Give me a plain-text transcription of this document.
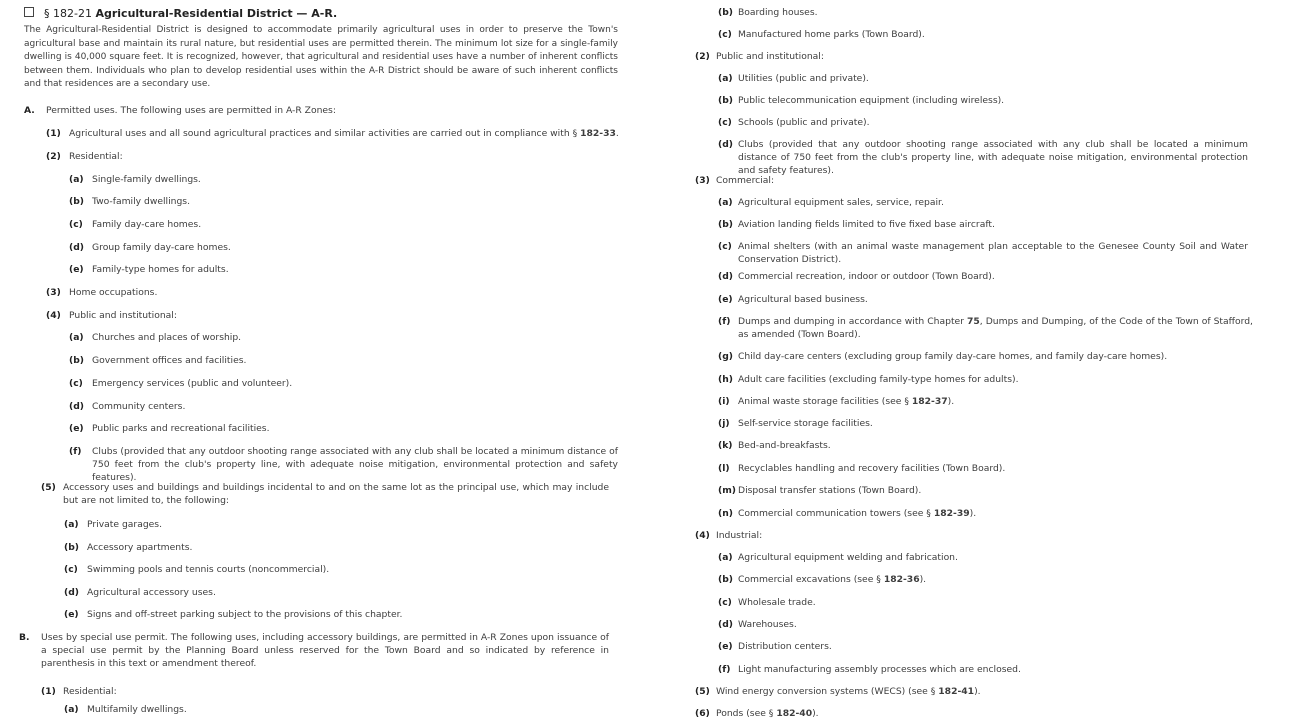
§ 182-21 Agricultural-Residential District — A-R.
The Agricultural-Residential District is designed to accommodate primarily agricultural uses in order to preserve the Town's agricultural base and maintain its rural nature, but residential uses are permitted therein. The minimum lot size for a single-family dwelling is 40,000 square feet. It is recognized, however, that agricultural and residential uses have a number of inherent conflicts between them. Individuals who plan to develop residential uses within the A-R District should be aware of such inherent conflicts and that residences are a secondary use.
A. Permitted uses. The following uses are permitted in A-R Zones:
B. Uses by special use permit. The following uses, including accessory buildings, are permitted in A-R Zones upon issuance of a special use permit by the Planning Board unless reserved for the Town Board and so indicated by reference in parenthesis in this text or amendment thereof.
(1) Agricultural uses and all sound agricultural practices and similar activities are carried out in compliance with § 182-33.
(2) Residential:
(a) Single-family dwellings.
(b) Two-family dwellings.
(c) Family day-care homes.
(d) Group family day-care homes.
(e) Family-type homes for adults.
(3) Home occupations.
(4) Public and institutional:
(a) Churches and places of worship.
(b) Government offices and facilities.
(c) Emergency services (public and volunteer).
(d) Community centers.
(e) Public parks and recreational facilities.
(f) Clubs (provided that any outdoor shooting range associated with any club shall be located a minimum distance of 750 feet from the club's property line, with adequate noise mitigation, environmental protection and safety features).
(5) Accessory uses and buildings and buildings incidental to and on the same lot as the principal use, which may include but are not limited to, the following:
(a) Private garages.
(b) Accessory apartments.
(c) Swimming pools and tennis courts (noncommercial).
(d) Agricultural accessory uses.
(e) Signs and off-street parking subject to the provisions of this chapter.
(1) Residential:
(a) Multifamily dwellings.
(b) Boarding houses.
(c) Manufactured home parks (Town Board).
(2) Public and institutional:
(a) Utilities (public and private).
(b) Public telecommunication equipment (including wireless).
(c) Schools (public and private).
(d) Clubs (provided that any outdoor shooting range associated with any club shall be located a minimum distance of 750 feet from the club's property line, with adequate noise mitigation, environmental protection and safety features).
(3) Commercial:
(a) Agricultural equipment sales, service, repair.
(b) Aviation landing fields limited to five fixed base aircraft.
(c) Animal shelters (with an animal waste management plan acceptable to the Genesee County Soil and Water Conservation District).
(d) Commercial recreation, indoor or outdoor (Town Board).
(e) Agricultural based business.
(f) Dumps and dumping in accordance with Chapter 75, Dumps and Dumping, of the Code of the Town of Stafford, as amended (Town Board).
(g) Child day-care centers (excluding group family day-care homes, and family day-care homes).
(h) Adult care facilities (excluding family-type homes for adults).
(i) Animal waste storage facilities (see § 182-37).
(j) Self-service storage facilities.
(k) Bed-and-breakfasts.
(l) Recyclables handling and recovery facilities (Town Board).
(m) Disposal transfer stations (Town Board).
(n) Commercial communication towers (see § 182-39).
(4) Industrial:
(a) Agricultural equipment welding and fabrication.
(b) Commercial excavations (see § 182-36).
(c) Wholesale trade.
(d) Warehouses.
(e) Distribution centers.
(f) Light manufacturing assembly processes which are enclosed.
(5) Wind energy conversion systems (WECS) (see § 182-41).
(6) Ponds (see § 182-40).
